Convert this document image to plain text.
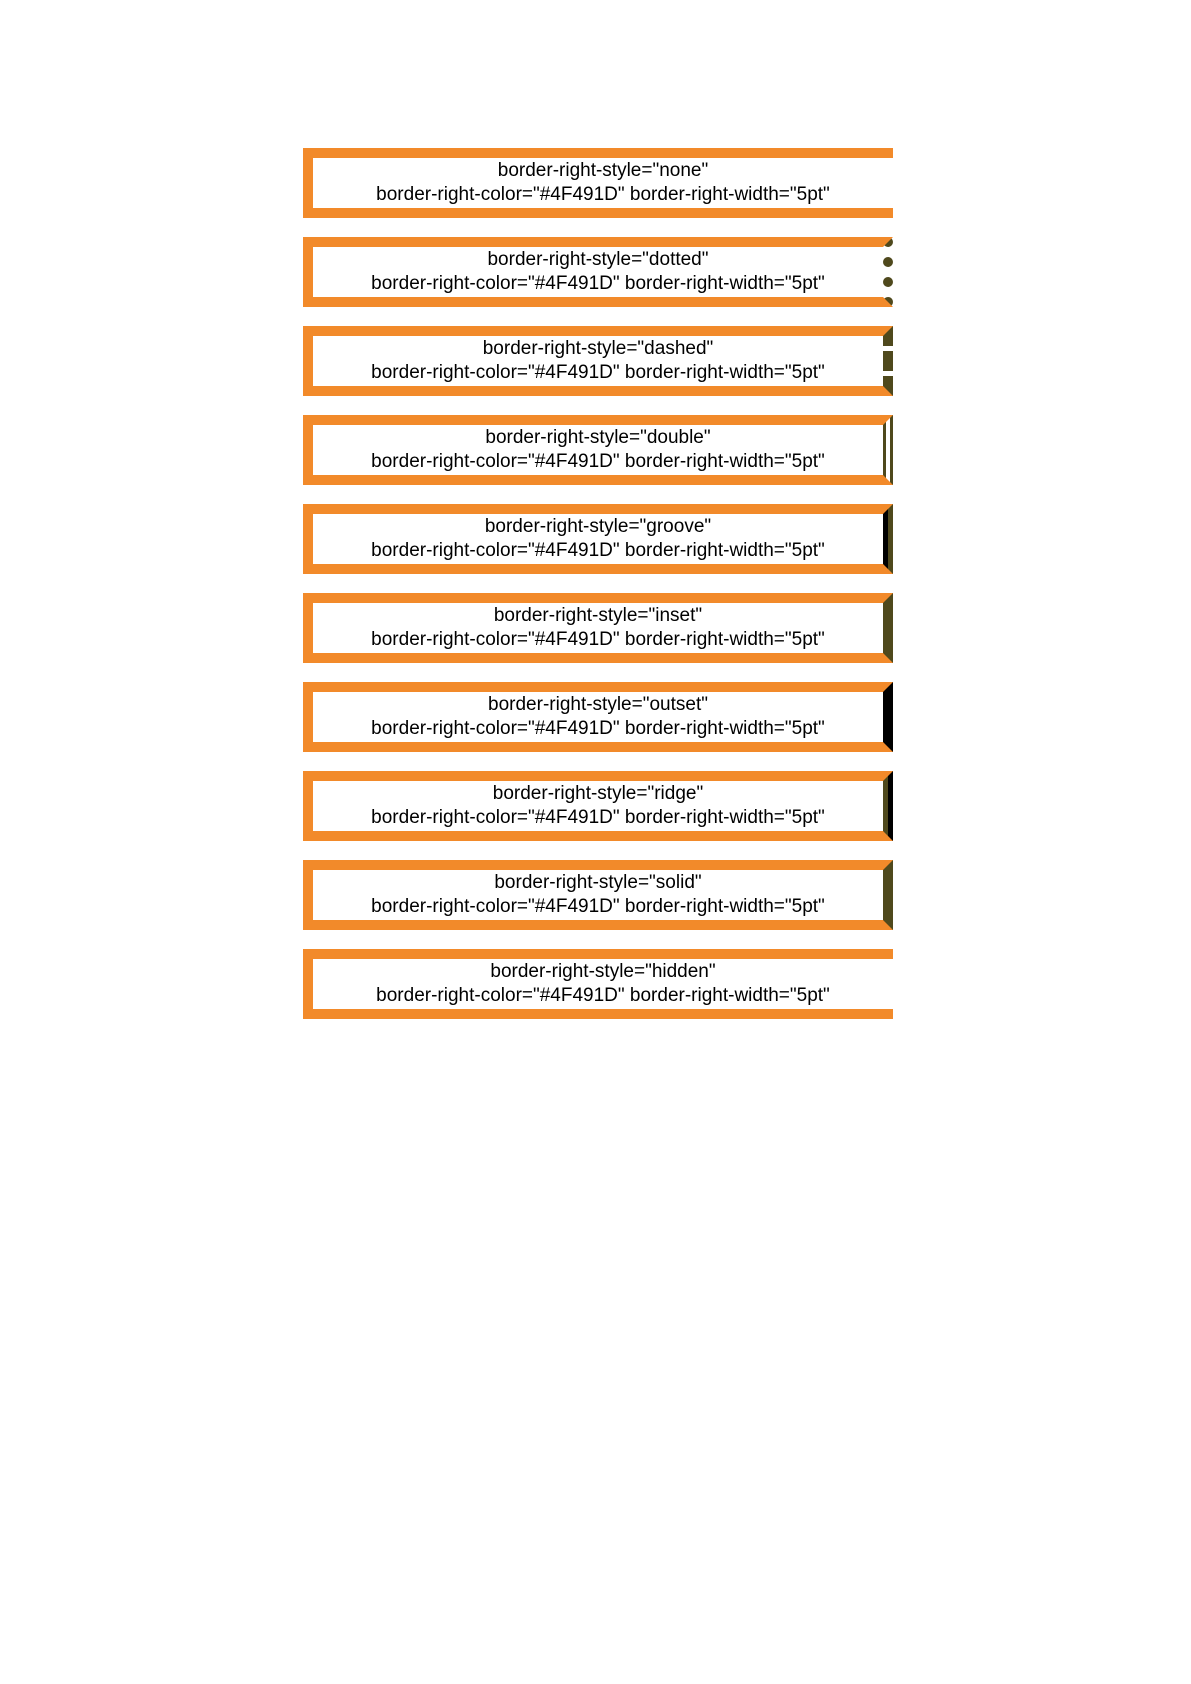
border-right-style="none"
border-right-color="#4F491D" border-right-width="5pt"
border-right-style="dotted"
border-right-color="#4F491D" border-right-width="5pt"
border-right-style="dashed"
border-right-color="#4F491D" border-right-width="5pt"
border-right-style="double"
border-right-color="#4F491D" border-right-width="5pt"
border-right-style="groove"
border-right-color="#4F491D" border-right-width="5pt"
border-right-style="inset"
border-right-color="#4F491D" border-right-width="5pt"
border-right-style="outset"
border-right-color="#4F491D" border-right-width="5pt"
border-right-style="ridge"
border-right-color="#4F491D" border-right-width="5pt"
border-right-style="solid"
border-right-color="#4F491D" border-right-width="5pt"
border-right-style="hidden"
border-right-color="#4F491D" border-right-width="5pt"
